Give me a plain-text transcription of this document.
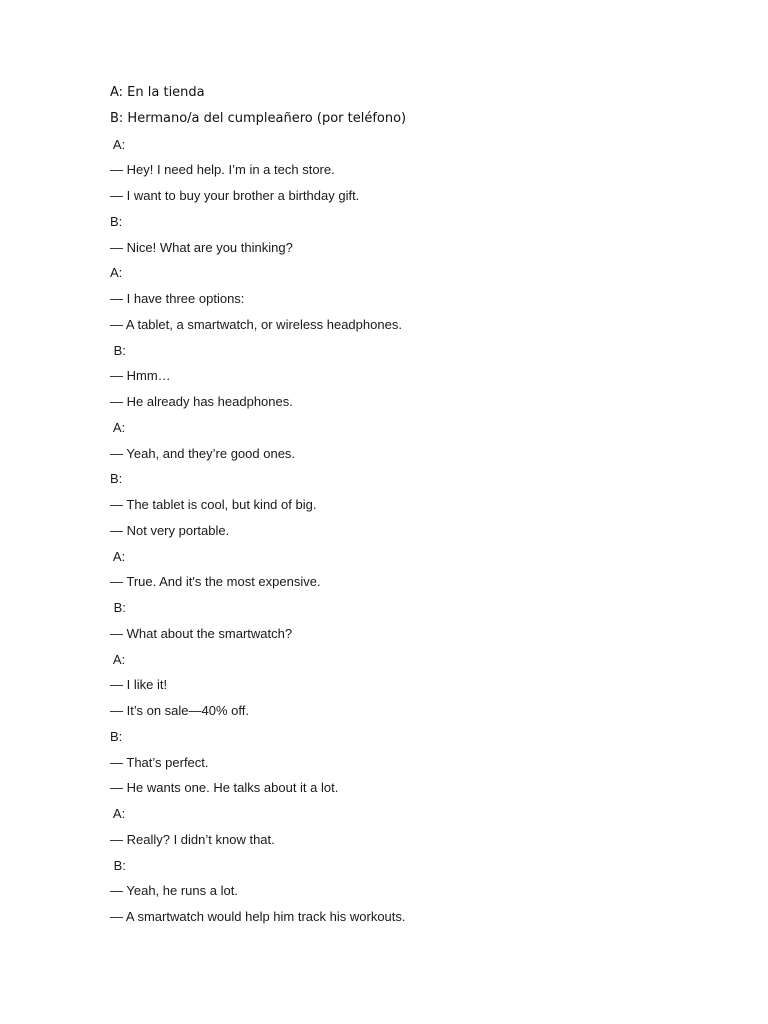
A: En la tienda
B: Hermano/a del cumpleañero (por teléfono)
A:
— Hey! I need help. I’m in a tech store.
— I want to buy your brother a birthday gift.
B:
— Nice! What are you thinking?
A:
— I have three options:
— A tablet, a smartwatch, or wireless headphones.
B:
— Hmm…
— He already has headphones.
A:
— Yeah, and they’re good ones.
B:
— The tablet is cool, but kind of big.
— Not very portable.
A:
— True. And it's the most expensive.
B:
— What about the smartwatch?
A:
— I like it!
— It’s on sale—40% off.
B:
— That’s perfect.
— He wants one. He talks about it a lot.
A:
— Really? I didn’t know that.
B:
— Yeah, he runs a lot.
— A smartwatch would help him track his workouts.
